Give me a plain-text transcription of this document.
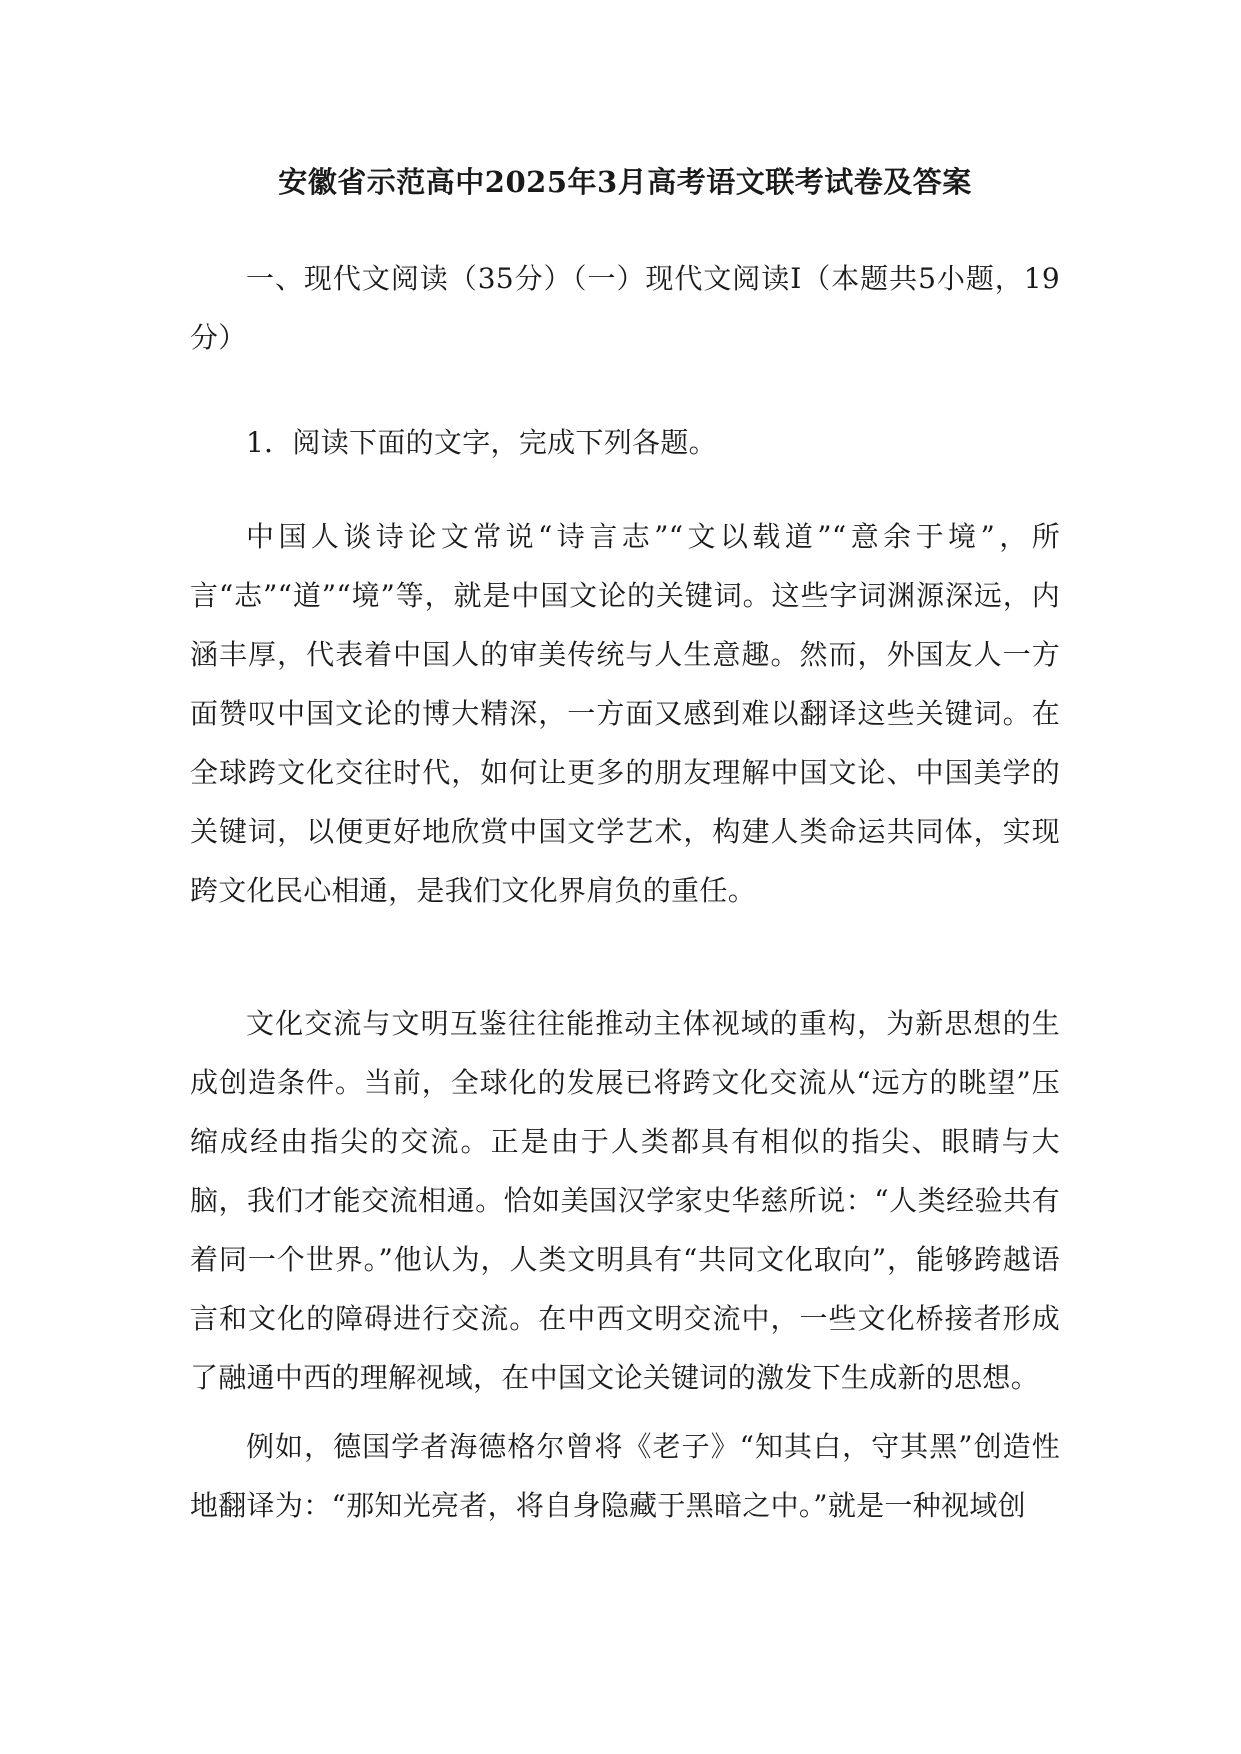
安徽省示范高中2025年3月高考语文联考试卷及答案
一、现代文阅读（35分）（一）现代文阅读I（本题共5小题，19分）
1．阅读下面的文字，完成下列各题。
中国人谈诗论文常说“诗言志”“文以载道”“意余于境”，所言“志”“道”“境”等，就是中国文论的关键词。这些字词渊源深远，内涵丰厚，代表着中国人的审美传统与人生意趣。然而，外国友人一方面赞叹中国文论的博大精深，一方面又感到难以翻译这些关键词。在全球跨文化交往时代，如何让更多的朋友理解中国文论、中国美学的关键词，以便更好地欣赏中国文学艺术，构建人类命运共同体，实现跨文化民心相通，是我们文化界肩负的重任。
文化交流与文明互鉴往往能推动主体视域的重构，为新思想的生成创造条件。当前，全球化的发展已将跨文化交流从“远方的眺望”压缩成经由指尖的交流。正是由于人类都具有相似的指尖、眼睛与大脑，我们才能交流相通。恰如美国汉学家史华慈所说：“人类经验共有着同一个世界。”他认为，人类文明具有“共同文化取向”，能够跨越语言和文化的障碍进行交流。在中西文明交流中，一些文化桥接者形成了融通中西的理解视域，在中国文论关键词的激发下生成新的思想。
例如，德国学者海德格尔曾将《老子》“知其白，守其黑”创造性地翻译为：“那知光亮者，将自身隐藏于黑暗之中。”就是一种视域创
